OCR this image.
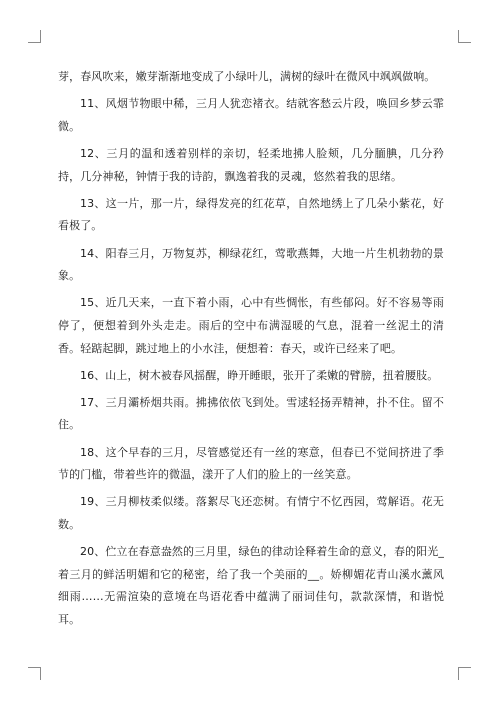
芽，春风吹来，嫩芽渐渐地变成了小绿叶儿，满树的绿叶在微风中飒飒做响。

11、风烟节物眼中稀，三月人犹恋褚衣。结就客愁云片段，唤回乡梦云霏微。

12、三月的温和透着别样的亲切，轻柔地拂人脸颊，几分腼腆，几分矜持，几分神秘，钟情于我的诗韵，飘逸着我的灵魂，悠然着我的思绪。

13、这一片，那一片，绿得发亮的红花草，自然地绣上了几朵小紫花，好看极了。

14、阳春三月，万物复苏，柳绿花红，莺歌燕舞，大地一片生机勃勃的景象。

15、近几天来，一直下着小雨，心中有些惆怅，有些郁闷。好不容易等雨停了，便想着到外头走走。雨后的空中布满湿暖的气息，混着一丝泥土的清香。轻踮起脚，跳过地上的小水洼，便想着：春天，或许已经来了吧。

16、山上，树木被春风摇醒，睁开睡眼，张开了柔嫩的臂膀，扭着腰肢。

17、三月灞桥烟共雨。拂拂依依飞到处。雪逑轻扬弄精神，扑不住。留不住。

18、这个早春的三月，尽管感觉还有一丝的寒意，但春已不觉间挤进了季节的门槛，带着些许的微温，漾开了人们的脸上的一丝笑意。

19、三月柳枝柔似缕。落絮尽飞还恋树。有情宁不忆西园，莺解语。花无数。

20、伫立在春意盎然的三月里，绿色的律动诠释着生命的意义，春的阳光_着三月的鲜活明媚和它的秘密，给了我一个美丽的__。娇柳媚花青山溪水薰风细雨……无需渲染的意境在鸟语花香中蕴满了丽词佳句，款款深情，和谐悦耳。
